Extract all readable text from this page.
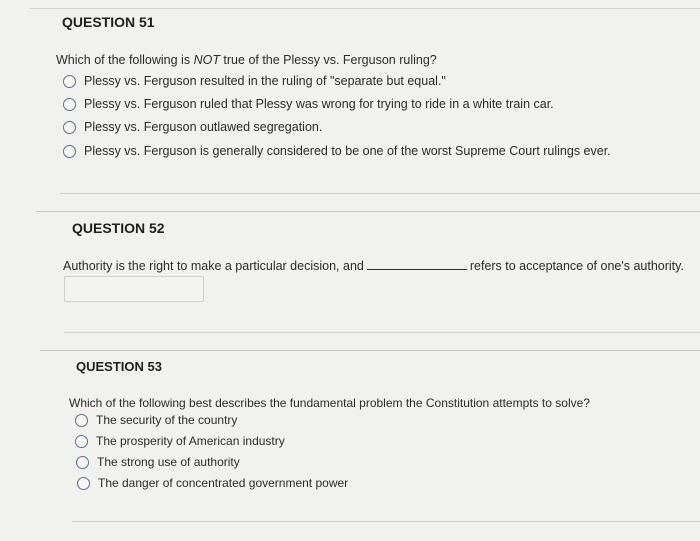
QUESTION 51
Which of the following is NOT true of the Plessy vs. Ferguson ruling?
Plessy vs. Ferguson resulted in the ruling of "separate but equal."
Plessy vs. Ferguson ruled that Plessy was wrong for trying to ride in a white train car.
Plessy vs. Ferguson outlawed segregation.
Plessy vs. Ferguson is generally considered to be one of the worst Supreme Court rulings ever.
QUESTION 52
Authority is the right to make a particular decision, and	refers to acceptance of one's authority.
QUESTION 53
Which of the following best describes the fundamental problem the Constitution attempts to solve?
The security of the country
The prosperity of American industry
The strong use of authority
The danger of concentrated government power
